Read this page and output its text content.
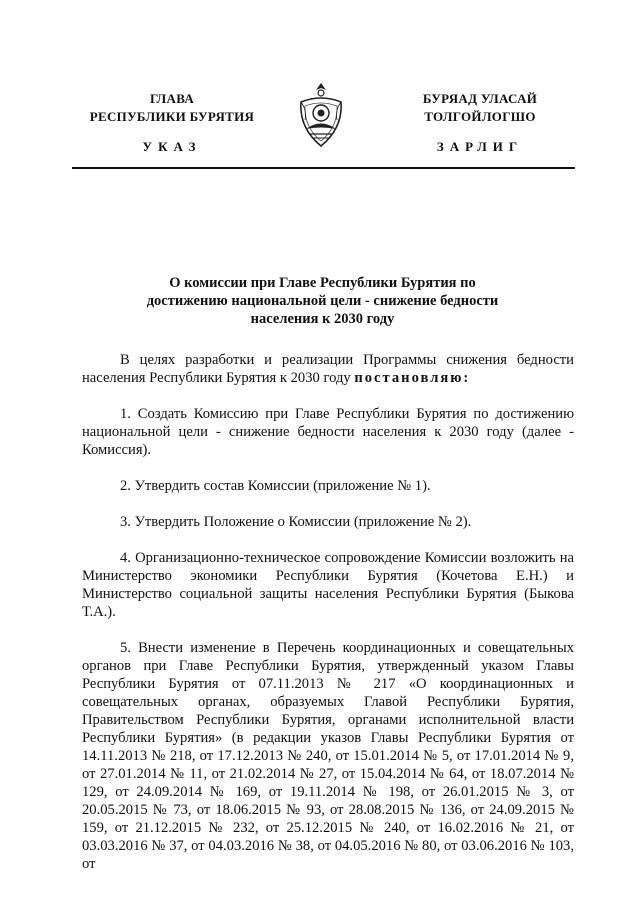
ГЛАВА
РЕСПУБЛИКИ БУРЯТИЯ
БУРЯАД УЛАСАЙ
ТОЛГОЙЛОГШО
УКАЗ	ЗАРЛИГ
О комиссии при Главе Республики Бурятия по
достижению национальной цели - снижение бедности
населения к 2030 году

В целях разработки и реализации Программы снижения бедности населения Республики Бурятия к 2030 году постановляю:

1. Создать Комиссию при Главе Республики Бурятия по достижению национальной цели - снижение бедности населения к 2030 году (далее - Комиссия).

2. Утвердить состав Комиссии (приложение № 1).

3. Утвердить Положение о Комиссии (приложение № 2).

4. Организационно-техническое сопровождение Комиссии возложить на Министерство экономики Республики Бурятия (Кочетова Е.Н.) и Министерство социальной защиты населения Республики Бурятия (Быкова Т.А.).

5. Внести изменение в Перечень координационных и совещательных органов при Главе Республики Бурятия, утвержденный указом Главы Республики Бурятия от 07.11.2013 № 217 «О координационных и совещательных органах, образуемых Главой Республики Бурятия, Правительством Республики Бурятия, органами исполнительной власти Республики Бурятия» (в редакции указов Главы Республики Бурятия от 14.11.2013 № 218, от 17.12.2013 № 240, от 15.01.2014 № 5, от 17.01.2014 № 9, от 27.01.2014 № 11, от 21.02.2014 № 27, от 15.04.2014 № 64, от 18.07.2014 № 129, от 24.09.2014 № 169, от 19.11.2014 № 198, от 26.01.2015 № 3, от 20.05.2015 № 73, от 18.06.2015 № 93, от 28.08.2015 № 136, от 24.09.2015 № 159, от 21.12.2015 № 232, от 25.12.2015 № 240, от 16.02.2016 № 21, от 03.03.2016 № 37, от 04.03.2016 № 38, от 04.05.2016 № 80, от 03.06.2016 № 103, от
